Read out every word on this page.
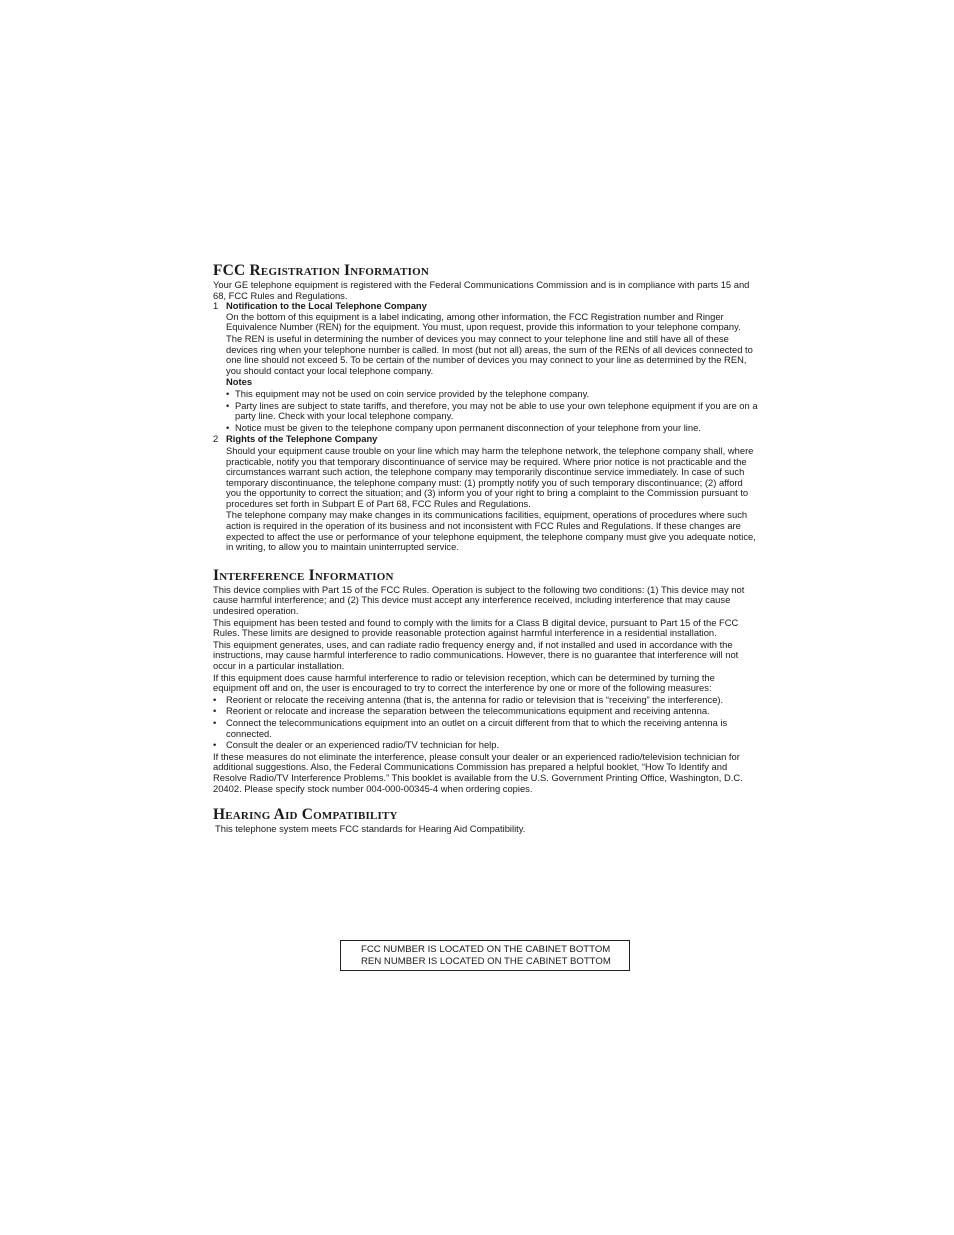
FCC Registration Information

Your GE telephone equipment is registered with the Federal Communications Commission and is in compliance with parts 15 and 68, FCC Rules and Regulations.

1 Notification to the Local Telephone Company

On the bottom of this equipment is a label indicating, among other information, the FCC Registration number and Ringer Equivalence Number (REN) for the equipment. You must, upon request, provide this information to your telephone company.

The REN is useful in determining the number of devices you may connect to your telephone line and still have all of these devices ring when your telephone number is called. In most (but not all) areas, the sum of the RENs of all devices connected to one line should not exceed 5. To be certain of the number of devices you may connect to your line as determined by the REN, you should contact your local telephone company.

Notes

• This equipment may not be used on coin service provided by the telephone company.
• Party lines are subject to state tariffs, and therefore, you may not be able to use your own telephone equipment if you are on a party line. Check with your local telephone company.
• Notice must be given to the telephone company upon permanent disconnection of your telephone from your line.
2 Rights of the Telephone Company

Should your equipment cause trouble on your line which may harm the telephone network, the telephone company shall, where practicable, notify you that temporary discontinuance of service may be required. Where prior notice is not practicable and the circumstances warrant such action, the telephone company may temporarily discontinue service immediately. In case of such temporary discontinuance, the telephone company must: (1) promptly notify you of such temporary discontinuance; (2) afford you the opportunity to correct the situation; and (3) inform you of your right to bring a complaint to the Commission pursuant to procedures set forth in Subpart E of Part 68, FCC Rules and Regulations.

The telephone company may make changes in its communications facilities, equipment, operations of procedures where such action is required in the operation of its business and not inconsistent with FCC Rules and Regulations. If these changes are expected to affect the use or performance of your telephone equipment, the telephone company must give you adequate notice, in writing, to allow you to maintain uninterrupted service.

Interference Information

This device complies with Part 15 of the FCC Rules. Operation is subject to the following two conditions: (1) This device may not cause harmful interference; and (2) This device must accept any interference received, including interference that may cause undesired operation.

This equipment has been tested and found to comply with the limits for a Class B digital device, pursuant to Part 15 of the FCC Rules. These limits are designed to provide reasonable protection against harmful interference in a residential installation.

This equipment generates, uses, and can radiate radio frequency energy and, if not installed and used in accordance with the instructions, may cause harmful interference to radio communications. However, there is no guarantee that interference will not occur in a particular installation.

If this equipment does cause harmful interference to radio or television reception, which can be determined by turning the equipment off and on, the user is encouraged to try to correct the interference by one or more of the following measures:

•	Reorient or relocate the receiving antenna (that is, the antenna for radio or television that is “receiving” the interference).
•	Reorient or relocate and increase the separation between the telecommunications equipment and receiving antenna.
•	Connect the telecommunications equipment into an outlet on a circuit different from that to which the receiving antenna is connected.
•	Consult the dealer or an experienced radio/TV technician for help.

If these measures do not eliminate the interference, please consult your dealer or an experienced radio/television technician for additional suggestions. Also, the Federal Communications Commission has prepared a helpful booklet, “How To Identify and Resolve Radio/TV Interference Problems.” This booklet is available from the U.S. Government Printing Office, Washington, D.C. 20402. Please specify stock number 004-000-00345-4 when ordering copies.

Hearing Aid Compatibility

This telephone system meets FCC standards for Hearing Aid Compatibility.

FCC NUMBER IS LOCATED ON THE CABINET BOTTOM
REN NUMBER IS LOCATED ON THE CABINET BOTTOM
